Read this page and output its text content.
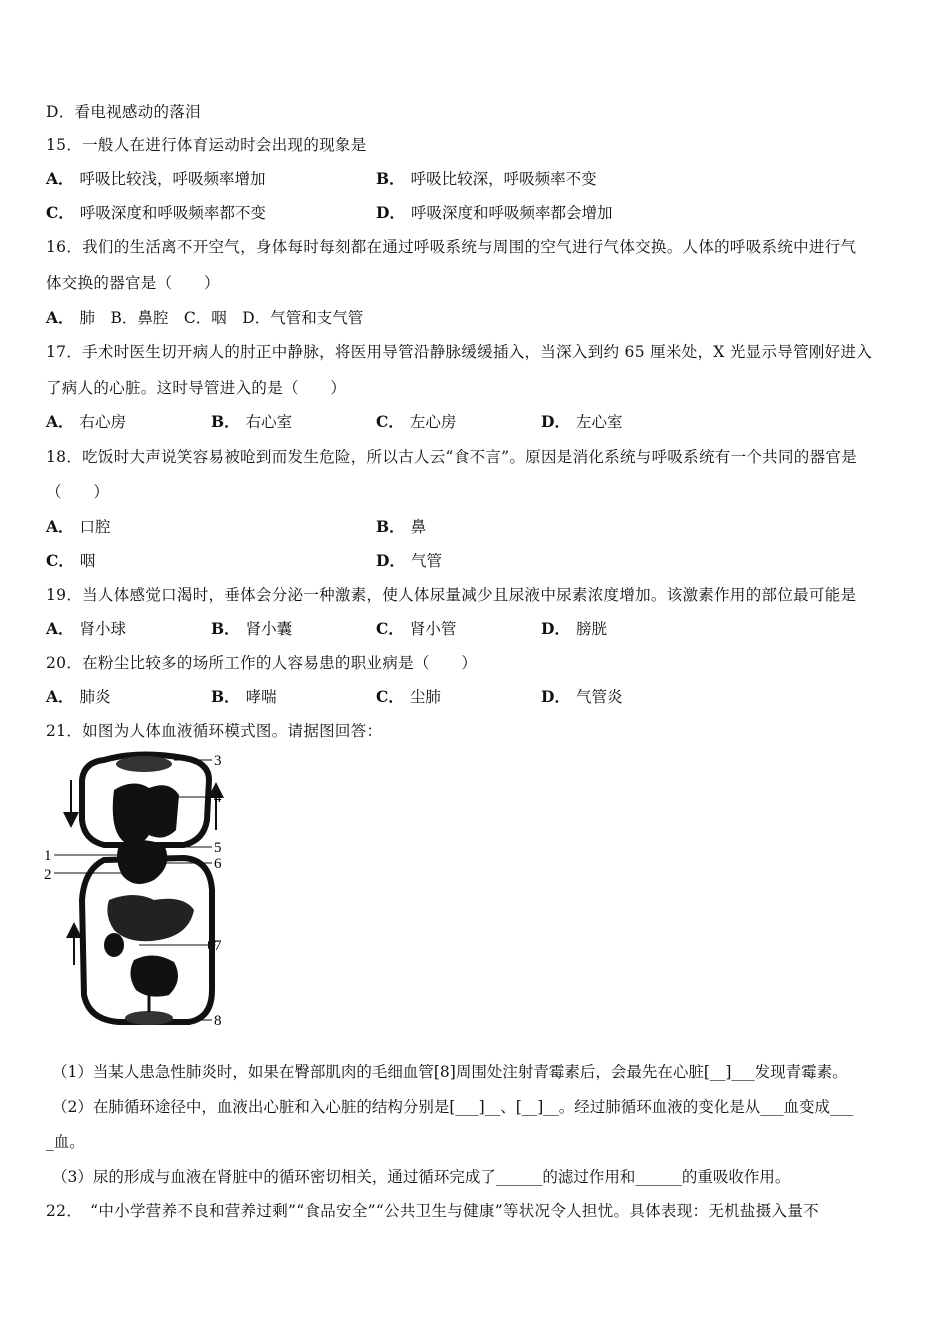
D．看电视感动的落泪
15．一般人在进行体育运动时会出现的现象是
A． 呼吸比较浅，呼吸频率增加	B． 呼吸比较深，呼吸频率不变
C． 呼吸深度和呼吸频率都不变	D． 呼吸深度和呼吸频率都会增加
16．我们的生活离不开空气，身体每时每刻都在通过呼吸系统与周围的空气进行气体交换。人体的呼吸系统中进行气
体交换的器官是（　　）
A． 肺　B．鼻腔　C．咽　D．气管和支气管
17．手术时医生切开病人的肘正中静脉，将医用导管沿静脉缓缓插入，当深入到约 65 厘米处，X 光显示导管刚好进入
了病人的心脏。这时导管进入的是（　　）
A． 右心房	B． 右心室	C． 左心房	D． 左心室
18．吃饭时大声说笑容易被呛到而发生危险，所以古人云“食不言”。原因是消化系统与呼吸系统有一个共同的器官是
（　　）
A． 口腔	B． 鼻
C． 咽	D． 气管
19．当人体感觉口渴时，垂体会分泌一种激素，使人体尿量减少且尿液中尿素浓度增加。该激素作用的部位最可能是
A． 肾小球	B． 肾小囊	C． 肾小管	D． 膀胱
20．在粉尘比较多的场所工作的人容易患的职业病是（　　）
A． 肺炎	B． 哮喘	C． 尘肺	D． 气管炎
21．如图为人体血液循环模式图。请据图回答：
1
2
3
4
5
6
7
8
（1）当某人患急性肺炎时，如果在臀部肌肉的毛细血管[8]周围处注射青霉素后，会最先在心脏[__]___发现青霉素。
（2）在肺循环途径中，血液出心脏和入心脏的结构分别是[___]__、[__]__。经过肺循环血液的变化是从___血变成___
_血。
（3）尿的形成与血液在肾脏中的循环密切相关，通过循环完成了______的滤过作用和______的重吸收作用。
22．　“中小学营养不良和营养过剩”“食品安全”“公共卫生与健康”等状况令人担忧。具体表现：无机盐摄入量不
